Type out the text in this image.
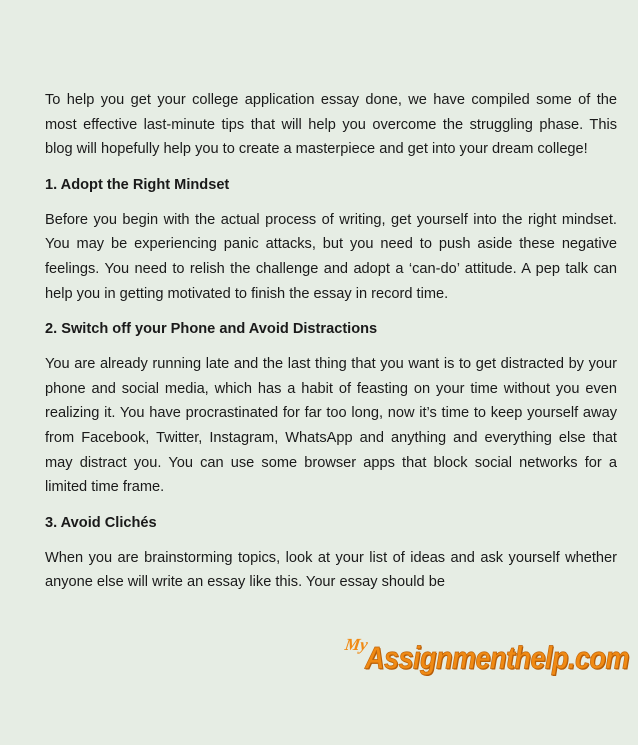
To help you get your college application essay done, we have compiled some of the most effective last-minute tips that will help you overcome the struggling phase. This blog will hopefully help you to create a masterpiece and get into your dream college!

1. Adopt the Right Mindset

Before you begin with the actual process of writing, get yourself into the right mindset. You may be experiencing panic attacks, but you need to push aside these negative feelings. You need to relish the challenge and adopt a ‘can-do’ attitude. A pep talk can help you in getting motivated to finish the essay in record time.

2. Switch off your Phone and Avoid Distractions

You are already running late and the last thing that you want is to get distracted by your phone and social media, which has a habit of feasting on your time without you even realizing it. You have procrastinated for far too long, now it’s time to keep yourself away from Facebook, Twitter, Instagram, WhatsApp and anything and everything else that may distract you. You can use some browser apps that block social networks for a limited time frame.

3. Avoid Clichés

When you are brainstorming topics, look at your list of ideas and ask yourself whether anyone else will write an essay like this. Your essay should be

My
Assignmenthelp.com
